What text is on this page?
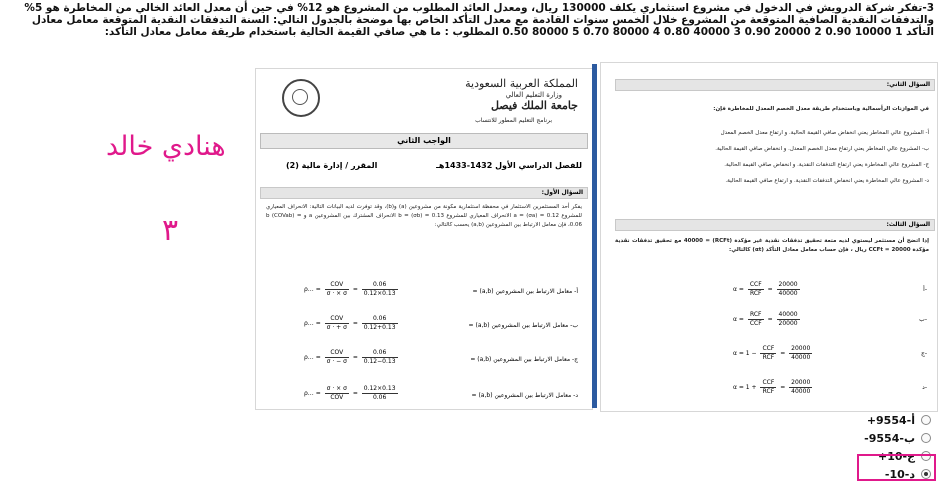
3-تفكر شركة الدرويش في الدخول في مشروع استثماري يكلف 130000 ريال، ومعدل العائد المطلوب من المشروع هو 12% في حين أن معدل العائد الخالي من المخاطرة هو 5% والتدفقات النقدية الصافية المتوقعة من المشروع خلال الخمس سنوات القادمة مع معدل التأكد الخاص بها موضحة بالجدول التالي: السنة التدفقات النقدية المتوقعة معامل معادل التأكد 1 10000 0.90 2 20000 0.90 3 40000 0.80 4 80000 0.70 5 80000 0.50 المطلوب : ما هي صافي القيمة الحالية باستخدام طريقة معامل معادل التأكد:
المملكة العربية السعودية
وزارة التعليم العالي
جامعة الملك فيصل
برنامج التعليم المطور للانتساب
الواجب الثاني
للفصل الدراسي الأول 1432-1433هـ
المقرر / إدارة مالية (2)
السؤال الأول:
يفكر أحد المستثمرين الاستثمار في محفظة استثمارية مكونة من مشروعين (a) و(b)، وقد توفرت لديه البيانات التالية: الانحراف المعياري للمشروع a = (σa) = 0.12 الانحراف المعياري للمشروع b = (σb) = 0.13 الانحراف المشترك بين المشروعين a و b (COVab) = 0.06، فإن معامل الارتباط بين المشروعين (a,b) يحسب كالتالي:
أ- معامل الارتباط بين المشروعين (a,b) =
ρ… = $\frac{\text{COV}}{\sigma \cdot \times \sigma} = \frac{0.06}{0.12\times 0.13}$
ب- معامل الارتباط بين المشروعين (a,b) =
ρ… = $\frac{\text{COV}}{\sigma \cdot + \sigma} = \frac{0.06}{0.12+0.13}$
ج- معامل الارتباط بين المشروعين (a,b) =
ρ… = $\frac{\text{COV}}{\sigma \cdot - \sigma} = \frac{0.06}{0.12-0.13}$
د- معامل الارتباط بين المشروعين (a,b) =
ρ… = $\frac{\sigma \cdot \times \sigma}{\text{COV}} = \frac{0.12\times 0.13}{0.06}$
السؤال الثاني:
في الموازنات الرأسمالية وباستخدام طريقة معدل الخصم المعدل للمخاطرة فإن:
أ- المشروع عالي المخاطر يعني انخفاض صافي القيمة الحالية. و ارتفاع معدل الخصم المعدل
ب- المشروع عالي المخاطر يعني ارتفاع معدل الخصم المعدل. و انخفاض صافي القيمة الحالية.
ج- المشروع عالي المخاطرة يعني ارتفاع التدفقات النقدية. و انخفاض صافي القيمة الحالية.
د- المشروع عالي المخاطرة يعني انخفاض التدفقات النقدية. و ارتفاع صافي القيمة الحالية.
السؤال الثالث:
إذا اتضح أن مستثمر ليستوي لديه متعة تحقيق تدفقات نقدية غير مؤكدة (RCFt) = 40000 مع تحقيق تدفقات نقدية مؤكدة CCFt = 20000 ريال ، فإن حساب معامل معادل التأكد (αt) كالتالي:
أ-
$\alpha = \frac{\text{CCF}}{\text{RCF}} = \frac{20000}{40000}$
ب-
$\alpha = \frac{\text{RCF}}{\text{CCF}} = \frac{40000}{20000}$
ج-
$\alpha = 1 - \frac{\text{CCF}}{\text{RCF}} = \frac{20000}{40000}$
د-
$\alpha = 1 + \frac{\text{CCF}}{\text{RCF}} = \frac{20000}{40000}$
هنادي خالد
٣
أ-9554+
ب-9554-
ج-10+
د-10-
